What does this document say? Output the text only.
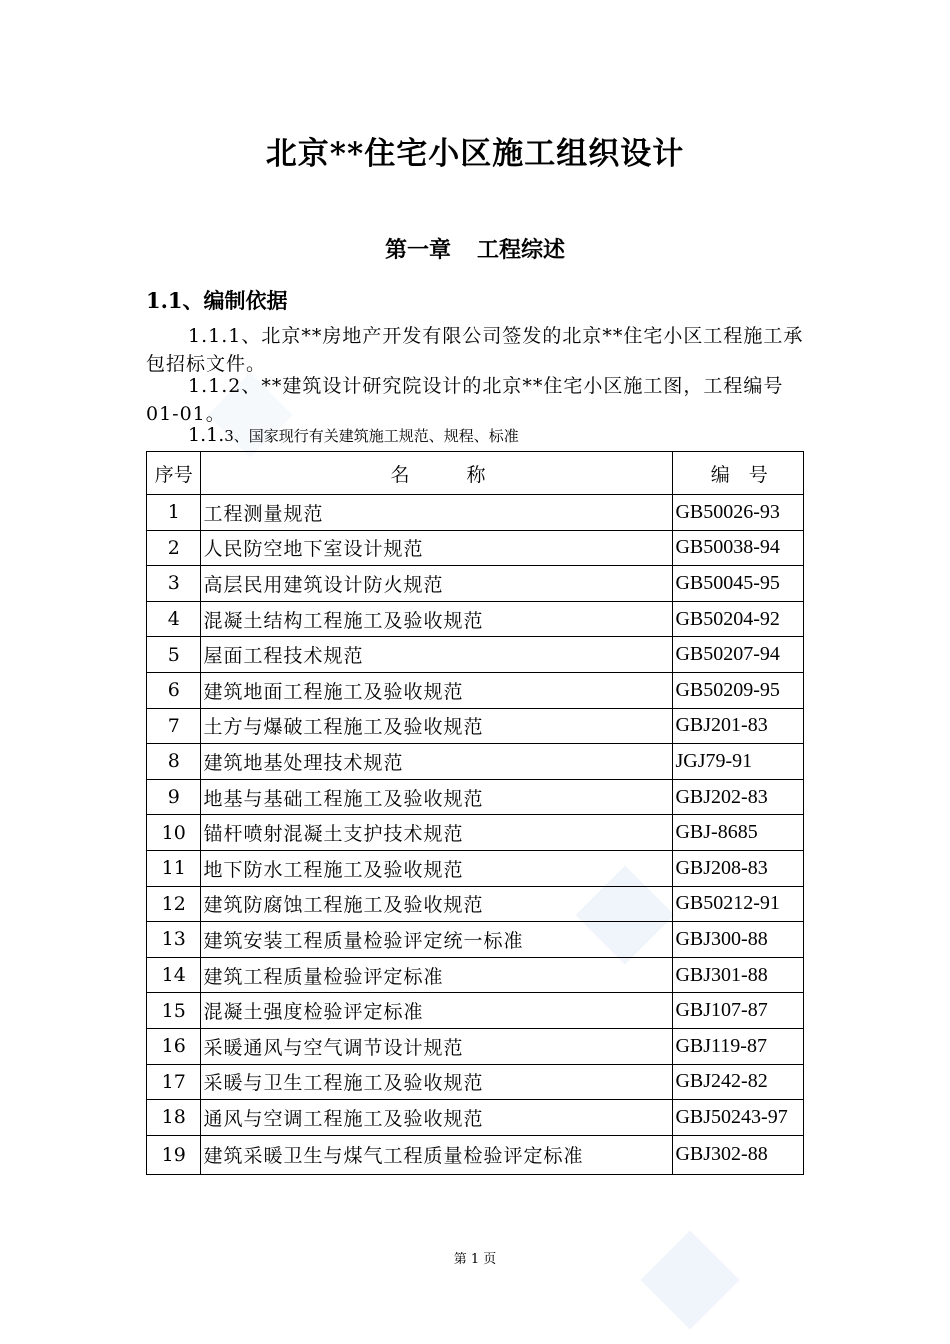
北京**住宅小区施工组织设计
第一章 工程综述
1.1、编制依据
1.1.1、北京**房地产开发有限公司签发的北京**住宅小区工程施工承包招标文件。
1.1.2、**建筑设计研究院设计的北京**住宅小区施工图，工程编号 01-01。
1.1.3、国家现行有关建筑施工规范、规程、标准
序号	名　　　称	编　号
1	工程测量规范	GB50026-93
2	人民防空地下室设计规范	GB50038-94
3	高层民用建筑设计防火规范	GB50045-95
4	混凝土结构工程施工及验收规范	GB50204-92
5	屋面工程技术规范	GB50207-94
6	建筑地面工程施工及验收规范	GB50209-95
7	土方与爆破工程施工及验收规范	GBJ201-83
8	建筑地基处理技术规范	JGJ79-91
9	地基与基础工程施工及验收规范	GBJ202-83
10	锚杆喷射混凝土支护技术规范	GBJ-8685
11	地下防水工程施工及验收规范	GBJ208-83
12	建筑防腐蚀工程施工及验收规范	GB50212-91
13	建筑安装工程质量检验评定统一标准	GBJ300-88
14	建筑工程质量检验评定标准	GBJ301-88
15	混凝土强度检验评定标准	GBJ107-87
16	采暖通风与空气调节设计规范	GBJ119-87
17	采暖与卫生工程施工及验收规范	GBJ242-82
18	通风与空调工程施工及验收规范	GBJ50243-97
19	建筑采暖卫生与煤气工程质量检验评定标准	GBJ302-88
第 1 页
